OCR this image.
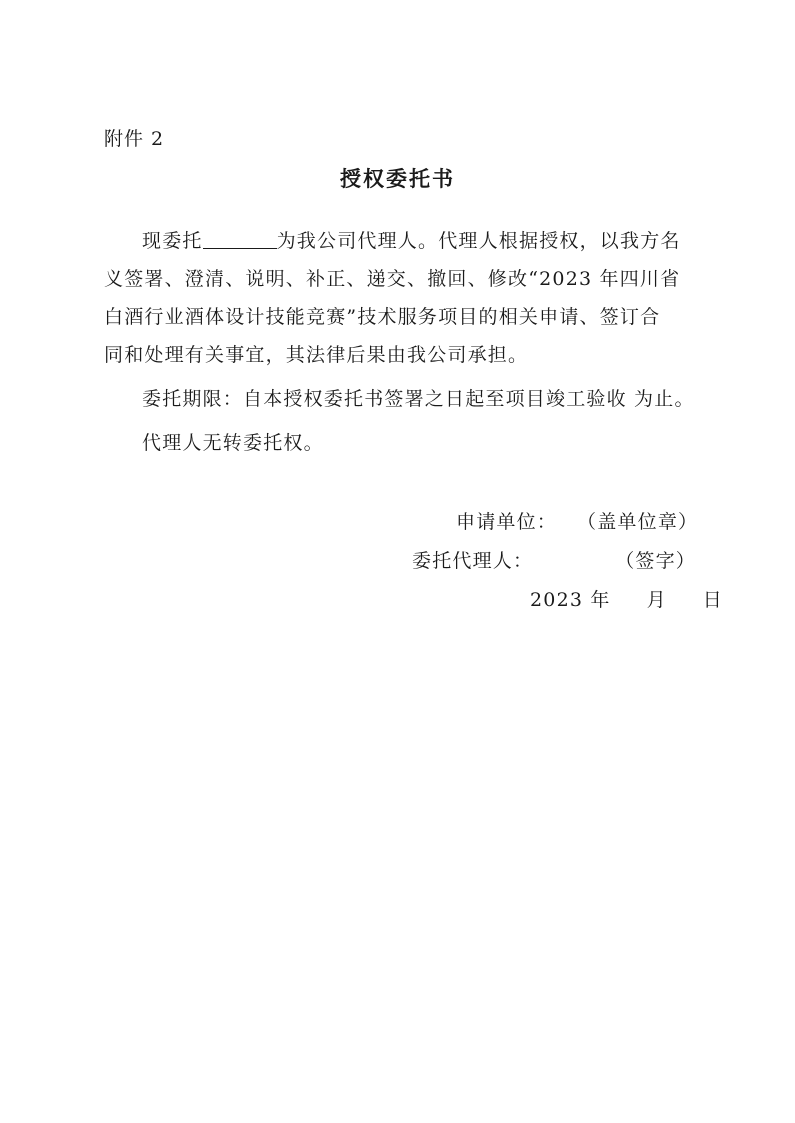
附件 2
授权委托书
现委托	为我公司代理人。代理人根据授权，以我方名
义签署、澄清、说明、补正、递交、撤回、修改“2023 年四川省
白酒行业酒体设计技能竞赛”技术服务项目的相关申请、签订合
同和处理有关事宜，其法律后果由我公司承担。
委托期限：自本授权委托书签署之日起至项目竣工验收 为止。
代理人无转委托权。
申请单位： （盖单位章）
委托代理人：	（签字）
2023 年 月 日
